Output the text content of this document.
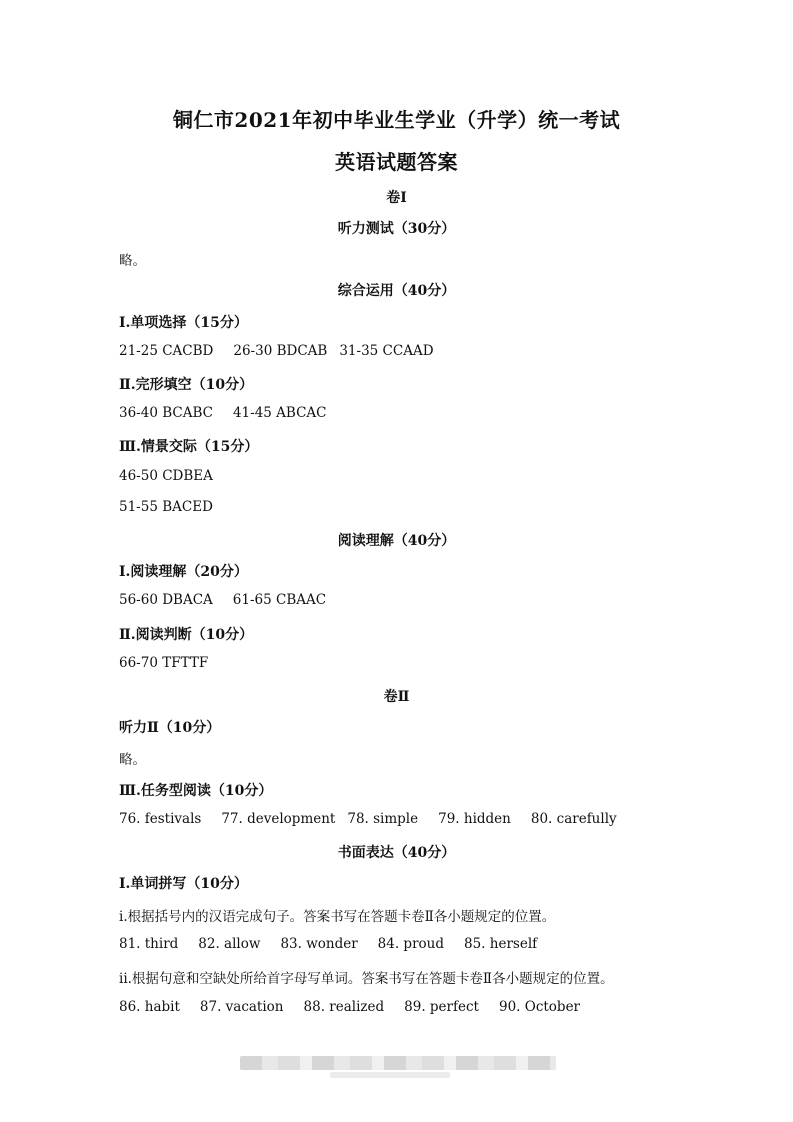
铜仁市2021年初中毕业生学业（升学）统一考试
英语试题答案
卷I
听力测试（30分）
略。
综合运用（40分）
Ⅰ.单项选择（15分）
21-25 CACBD 26-30 BDCAB 31-35 CCAAD
Ⅱ.完形填空（10分）
36-40 BCABC 41-45 ABCAC
Ⅲ.情景交际（15分）
46-50 CDBEA
51-55 BACED
阅读理解（40分）
I.阅读理解（20分）
56-60 DBACA 61-65 CBAAC
Ⅱ.阅读判断（10分）
66-70 TFTTF
卷Ⅱ
听力Ⅱ（10分）
略。
Ⅲ.任务型阅读（10分）
76. festivals 77. development 78. simple 79. hidden 80. carefully
书面表达（40分）
I.单词拼写（10分）
i.根据括号内的汉语完成句子。答案书写在答题卡卷Ⅱ各小题规定的位置。
81. third 82. allow 83. wonder 84. proud 85. herself
ii.根据句意和空缺处所给首字母写单词。答案书写在答题卡卷Ⅱ各小题规定的位置。
86. habit 87. vacation 88. realized 89. perfect 90. October
